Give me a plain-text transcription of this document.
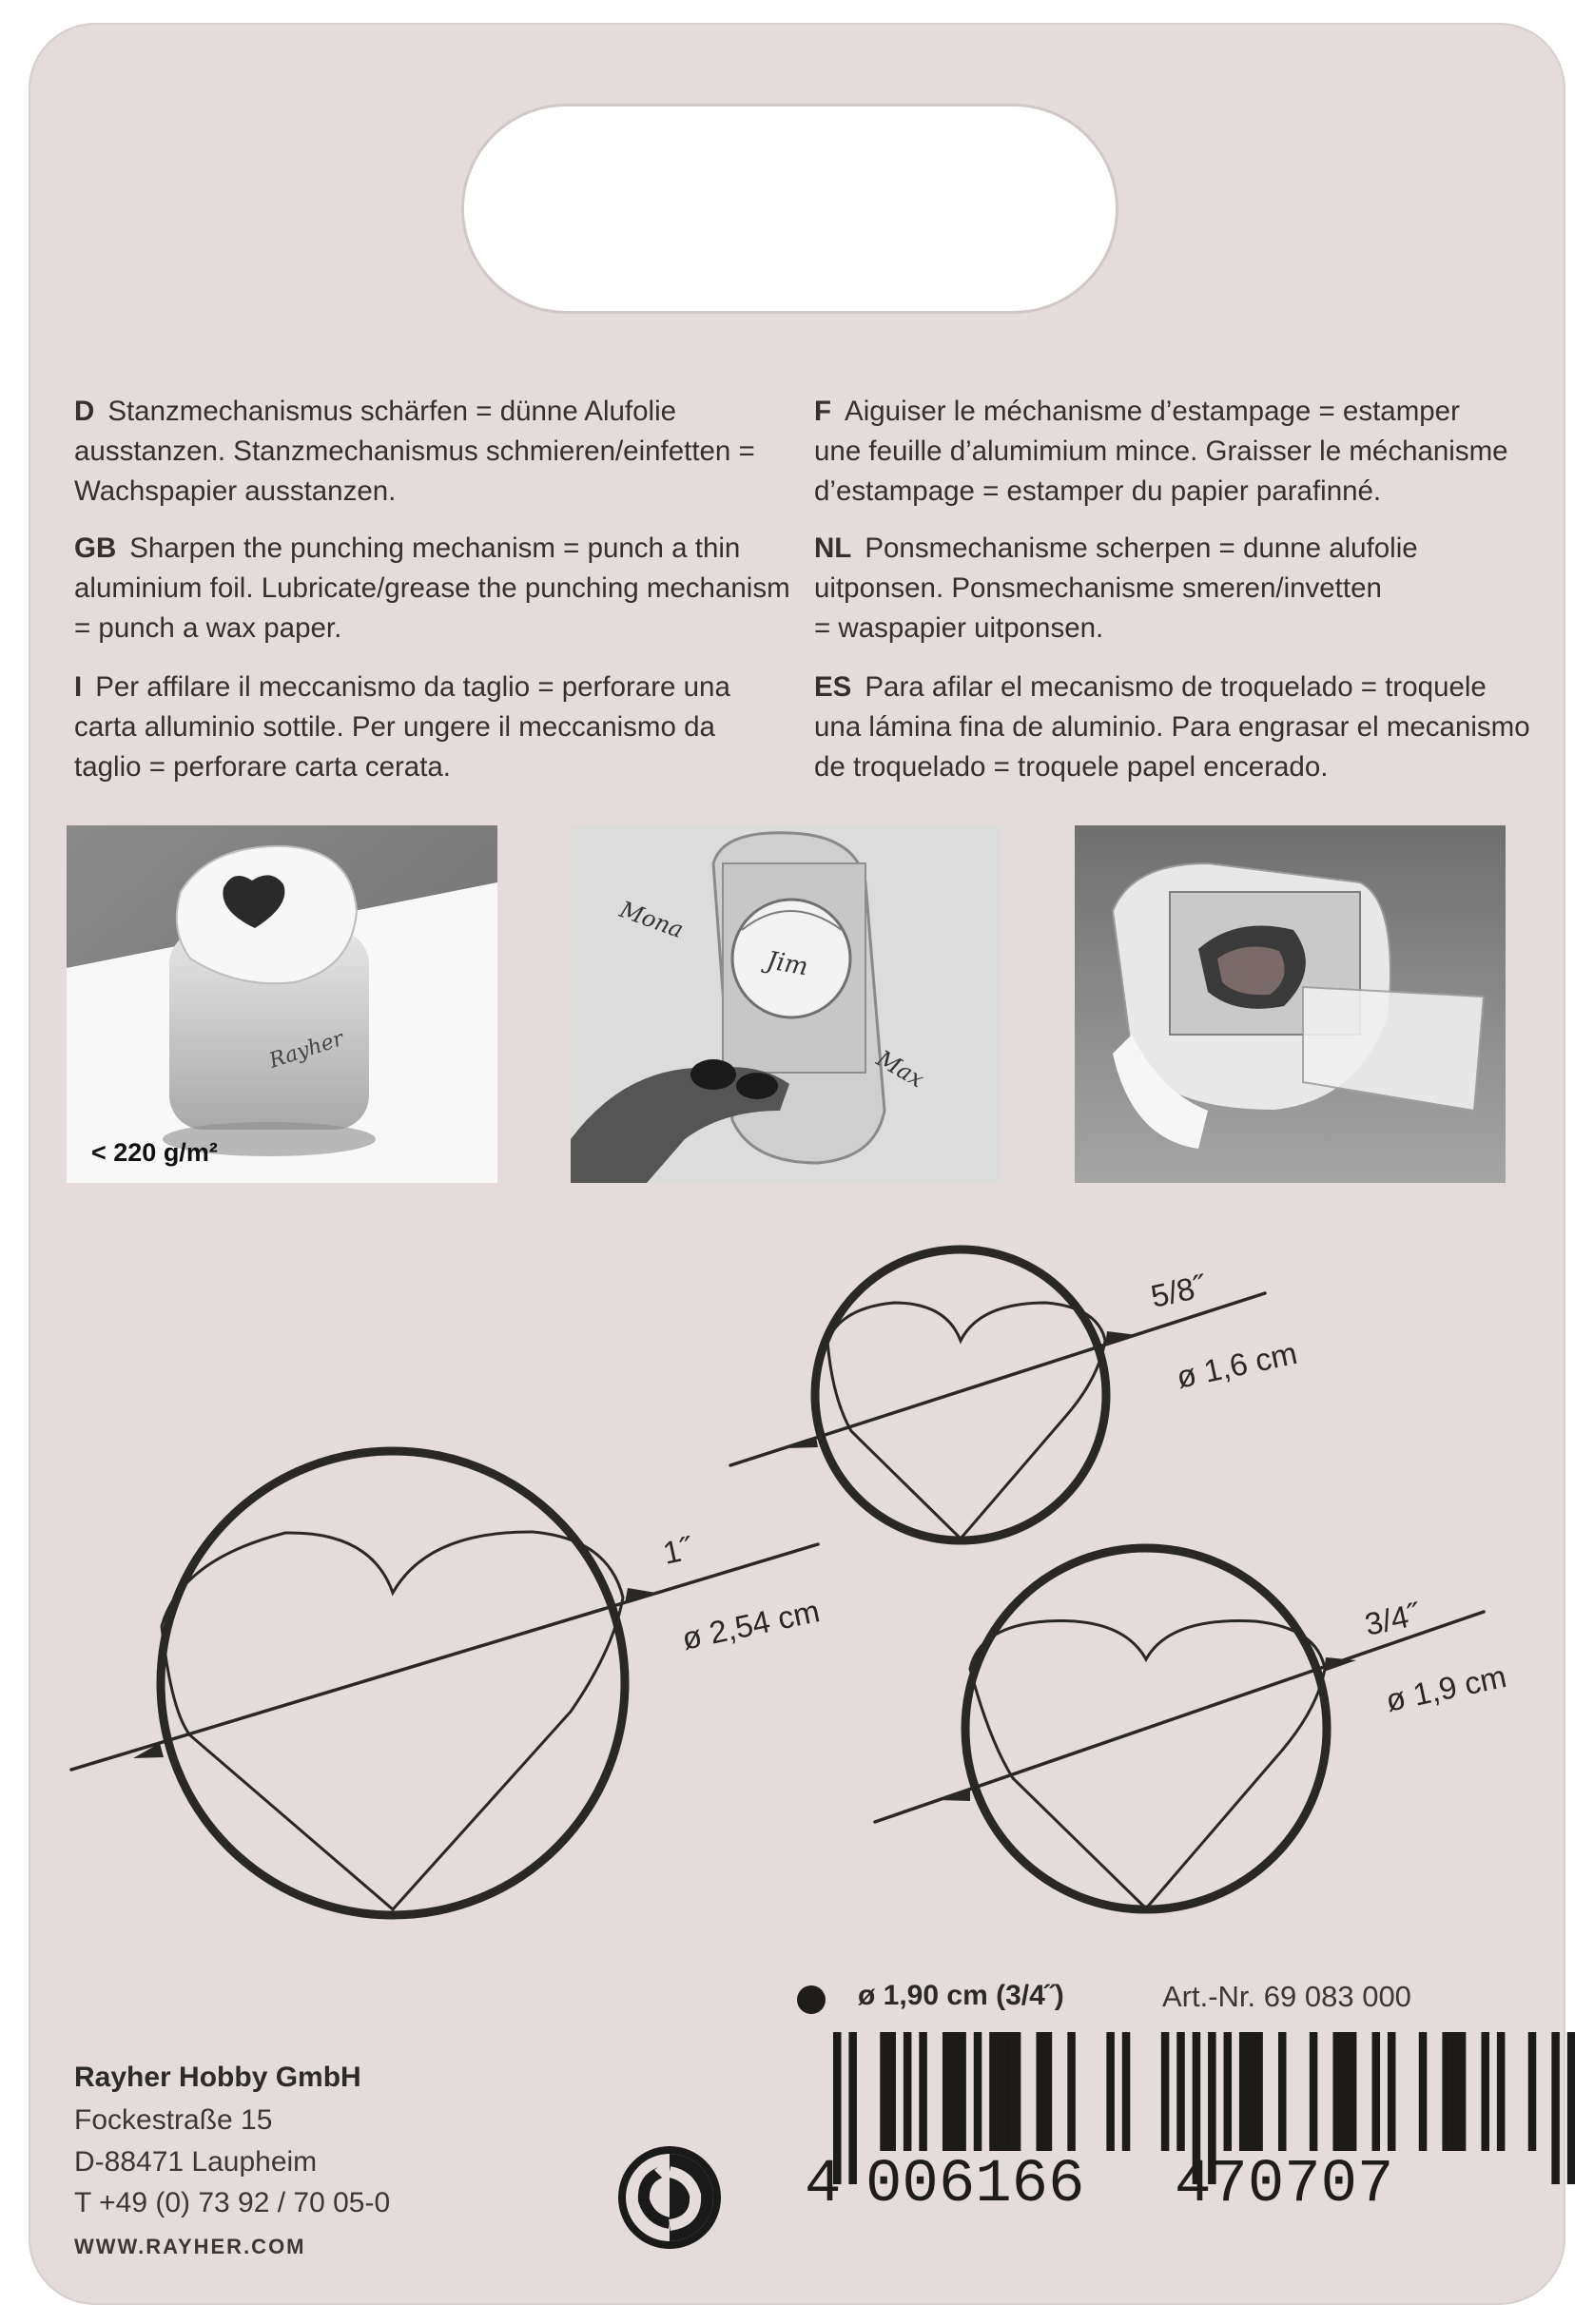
D Stanzmechanismus schärfen = dünne Alufolie
ausstanzen. Stanzmechanismus schmieren/einfetten =
Wachspapier ausstanzen.
GB Sharpen the punching mechanism = punch a thin
aluminium foil. Lubricate/grease the punching mechanism
= punch a wax paper.
I Per affilare il meccanismo da taglio = perforare una
carta alluminio sottile. Per ungere il meccanismo da
taglio = perforare carta cerata.
F Aiguiser le méchanisme d’estampage = estamper
une feuille d’alumimium mince. Graisser le méchanisme
d’estampage = estamper du papier parafinné.
NL Ponsmechanisme scherpen = dunne alufolie
uitponsen. Ponsmechanisme smeren/invetten
= waspapier uitponsen.
ES Para afilar el mecanismo de troquelado = troquele
una lámina fina de aluminio. Para engrasar el mecanismo
de troquelado = troquele papel encerado.
Rayher
< 220 g/m²
Mona
Jim
Max
1˝
ø 2,54 cm
5/8˝
ø 1,6 cm
3/4˝
ø 1,9 cm
ø 1,90 cm (3/4˝)	Art.-Nr. 69 083 000
Rayher Hobby GmbH
Fockestraße 15
D-88471 Laupheim
T +49 (0) 73 92 / 70 05-0
WWW.RAYHER.COM
4 006166 470707
